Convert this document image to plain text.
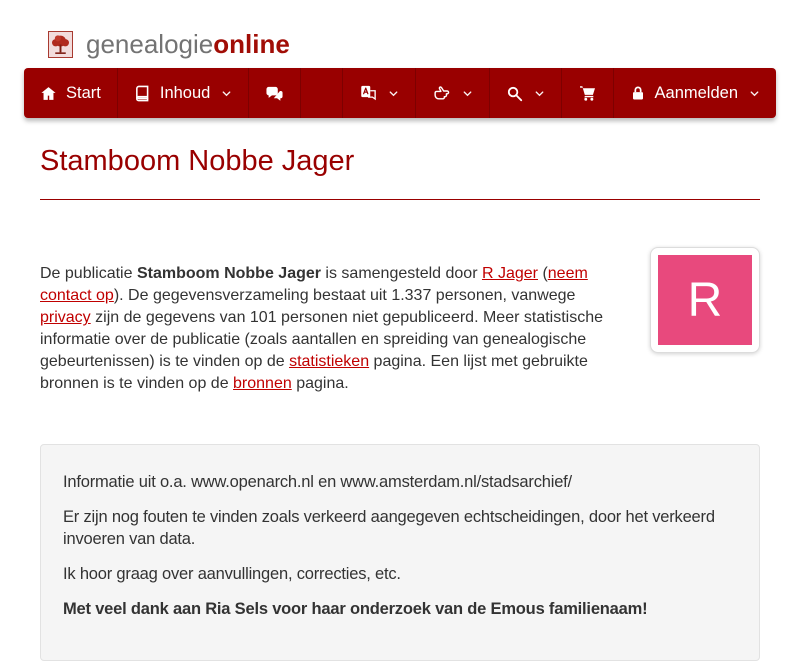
genealogieonline
Start	Inhoud	Aanmelden
Stamboom Nobbe Jager

De publicatie Stamboom Nobbe Jager is samengesteld door R Jager (neem contact op). De gegevensverzameling bestaat uit 1.337 personen, vanwege privacy zijn de gegevens van 101 personen niet gepubliceerd. Meer statistische informatie over de publicatie (zoals aantallen en spreiding van genealogische gebeurtenissen) is te vinden op de statistieken pagina. Een lijst met gebruikte bronnen is te vinden op de bronnen pagina.

R

Informatie uit o.a. www.openarch.nl en www.amsterdam.nl/stadsarchief/

Er zijn nog fouten te vinden zoals verkeerd aangegeven echtscheidingen, door het verkeerd invoeren van data.

Ik hoor graag over aanvullingen, correcties, etc.

Met veel dank aan Ria Sels voor haar onderzoek van de Emous familienaam!
